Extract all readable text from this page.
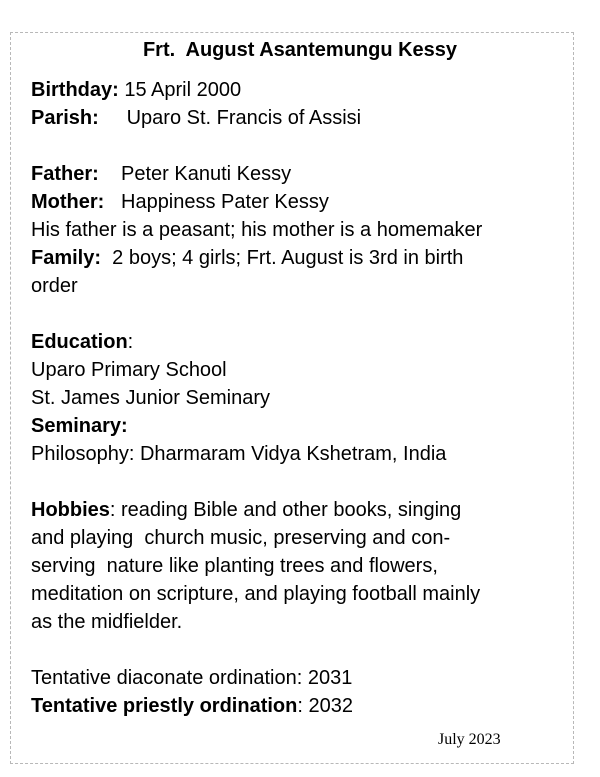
Frt.  August Asantemungu Kessy
Birthday: 15 April 2000
Parish:     Uparo St. Francis of Assisi
Father:    Peter Kanuti Kessy
Mother:   Happiness Pater Kessy
His father is a peasant; his mother is a homemaker
Family:  2 boys; 4 girls; Frt. August is 3rd in birth
order
Education:
Uparo Primary School
St. James Junior Seminary
Seminary:
Philosophy: Dharmaram Vidya Kshetram, India
Hobbies: reading Bible and other books, singing
and playing  church music, preserving and con-
serving  nature like planting trees and flowers,
meditation on scripture, and playing football mainly
as the midfielder.
Tentative diaconate ordination: 2031
Tentative priestly ordination: 2032
July 2023
